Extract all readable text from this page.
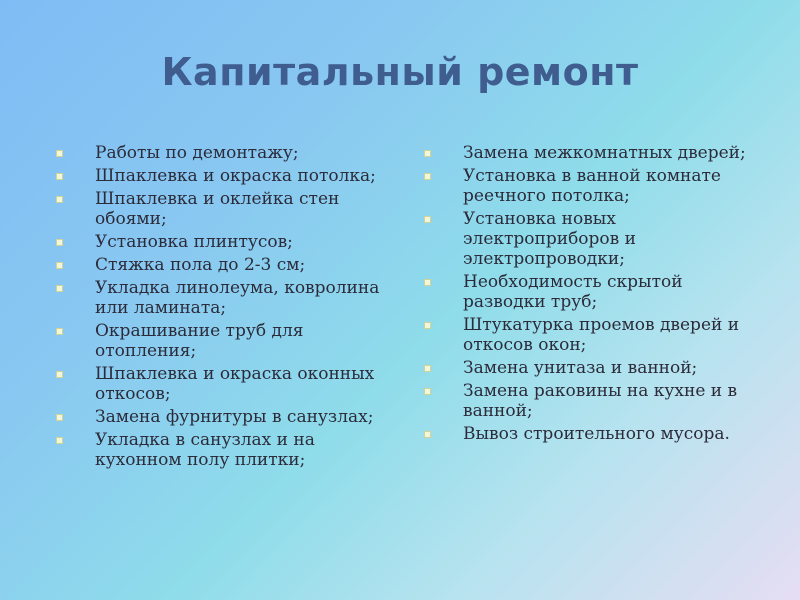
Капитальный ремонт
Работы по демонтажу;
Шпаклевка и окраска потолка;
Шпаклевка и оклейка стен обоями;
Установка плинтусов;
Стяжка пола до 2-3 см;
Укладка линолеума, ковролина или ламината;
Окрашивание труб для отопления;
Шпаклевка и окраска оконных откосов;
Замена фурнитуры в санузлах;
Укладка в санузлах и на кухонном полу плитки;
Замена межкомнатных дверей;
Установка в ванной комнате реечного потолка;
Установка новых электроприборов и электропроводки;
Необходимость скрытой разводки труб;
Штукатурка проемов дверей и откосов окон;
Замена унитаза и ванной;
Замена раковины на кухне и в ванной;
Вывоз строительного мусора.
